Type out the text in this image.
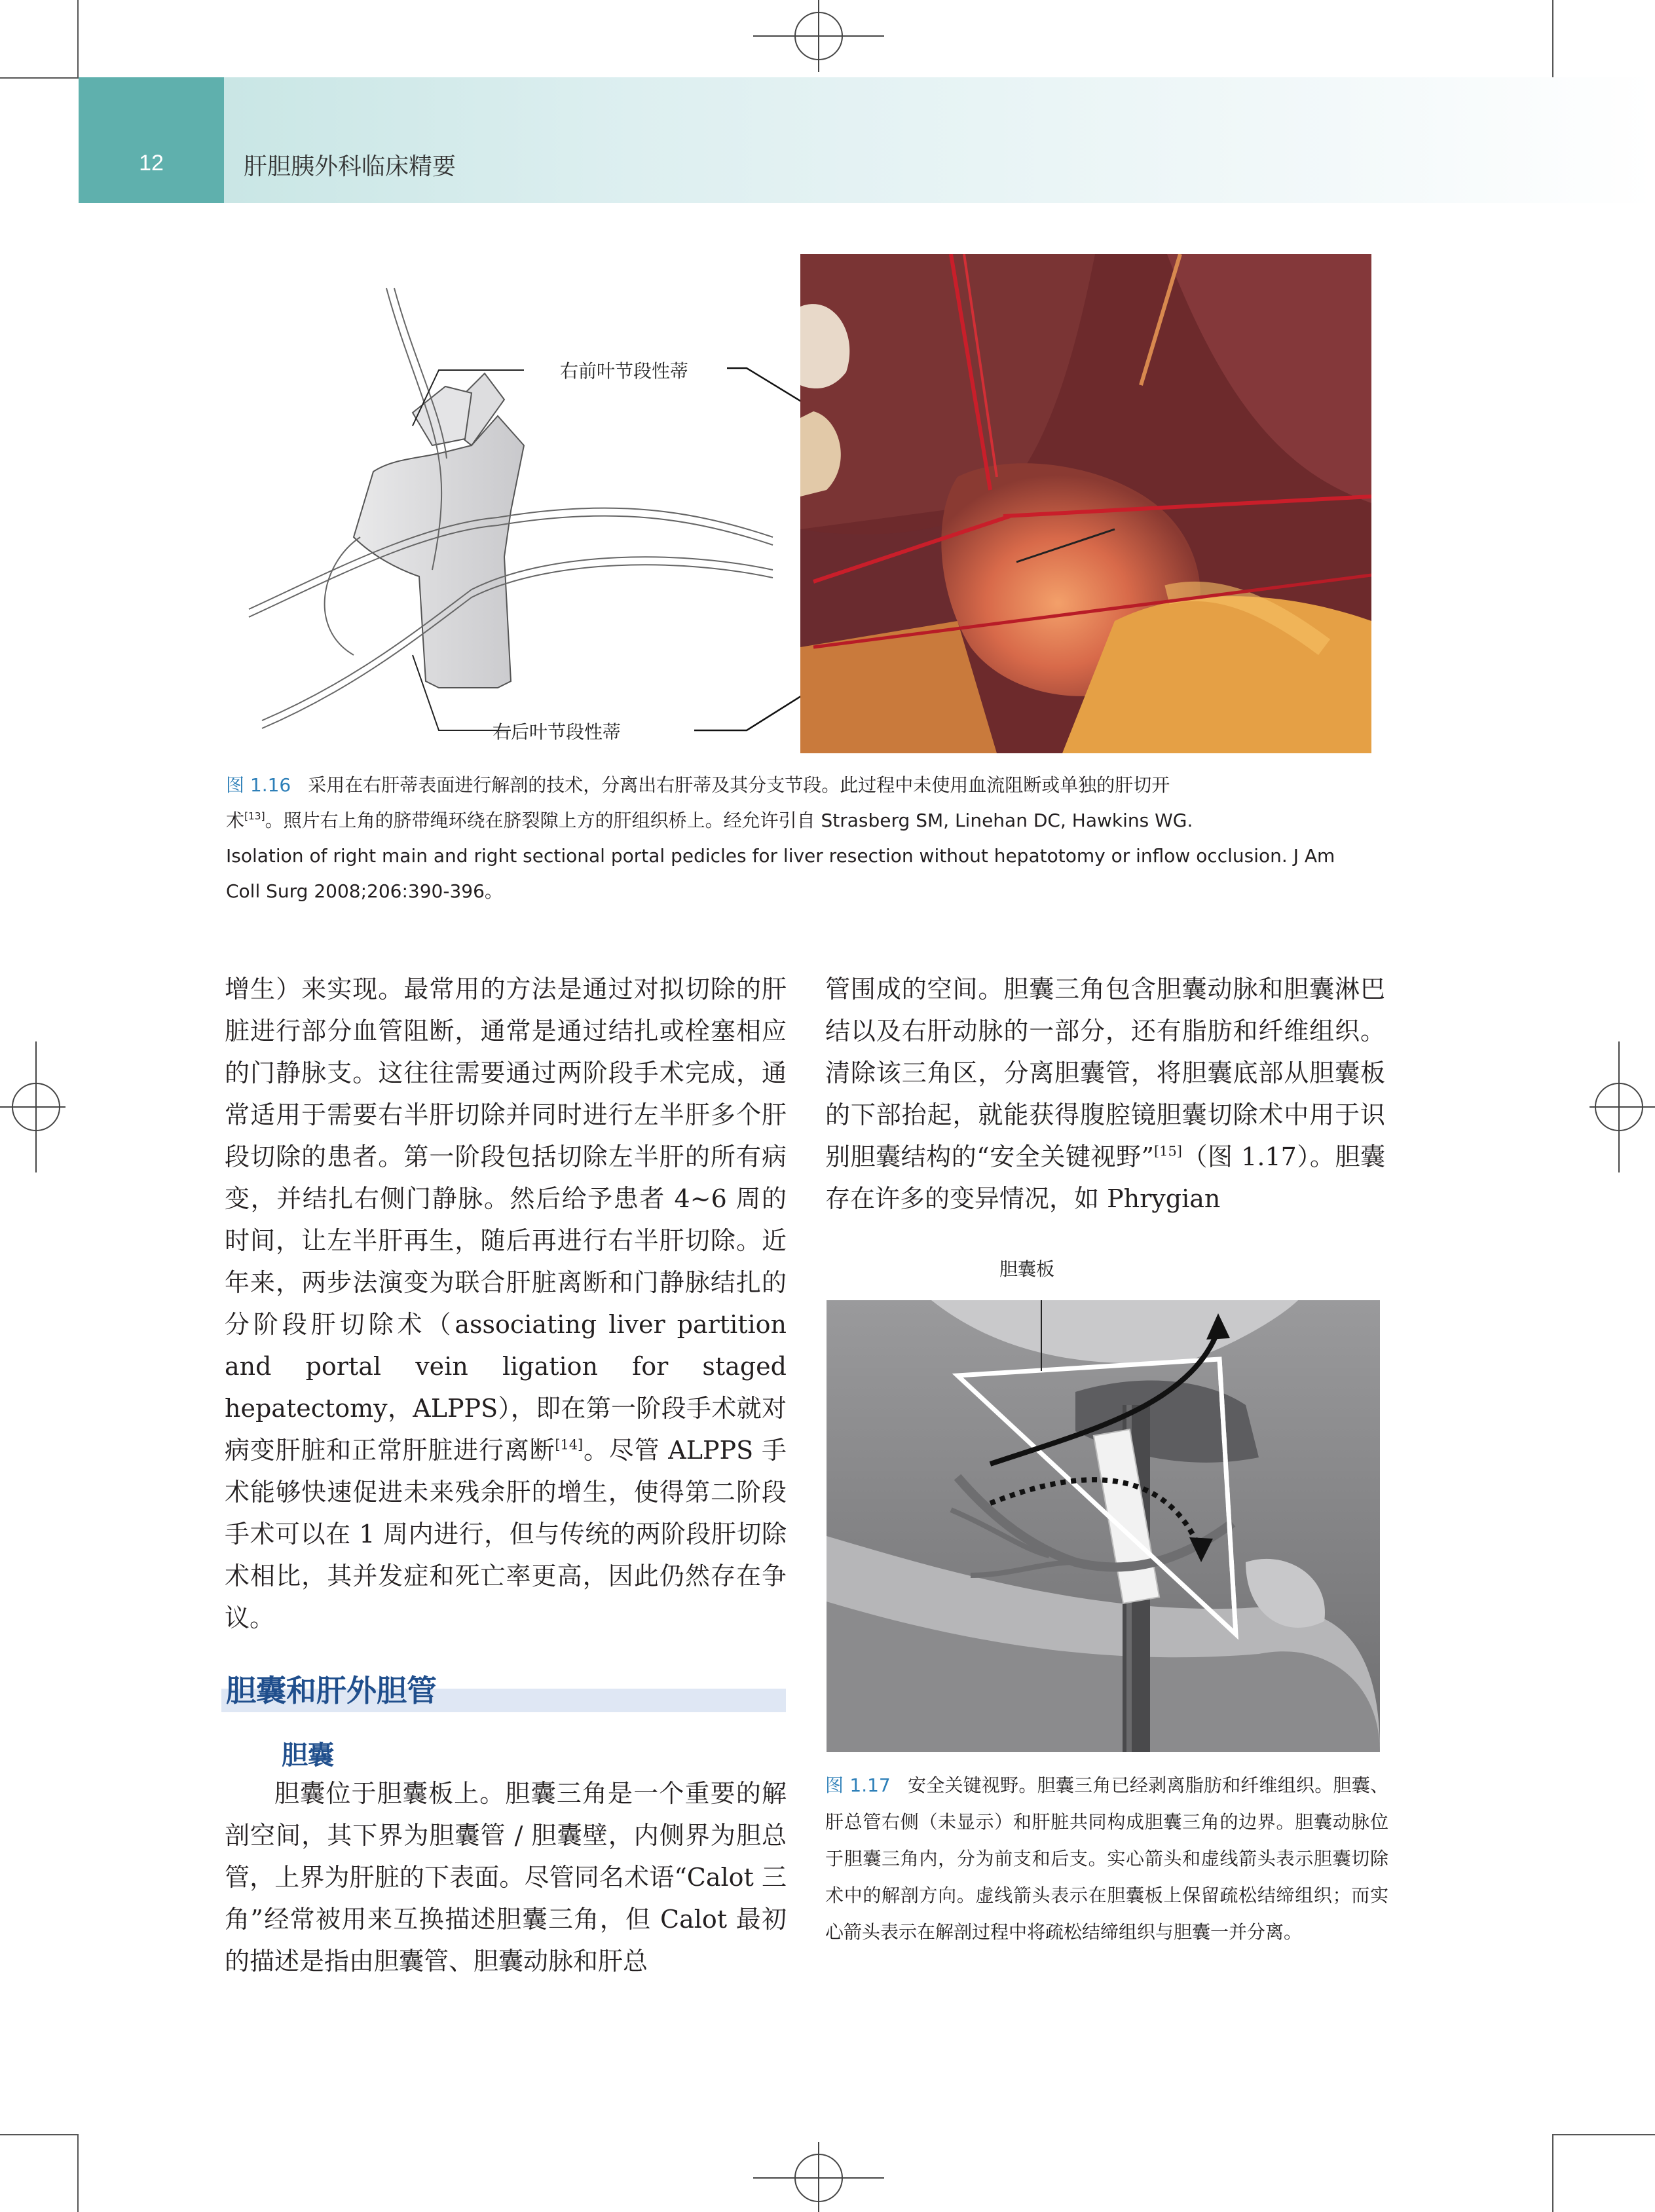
12	肝胆胰外科临床精要
右前叶节段性蒂
右后叶节段性蒂
图 1.16 采用在右肝蒂表面进行解剖的技术，分离出右肝蒂及其分支节段。此过程中未使用血流阻断或单独的肝切开
术[13]。照片右上角的脐带绳环绕在脐裂隙上方的肝组织桥上。经允许引自 Strasberg SM, Linehan DC, Hawkins WG.
Isolation of right main and right sectional portal pedicles for liver resection without hepatotomy or inflow occlusion. J Am
Coll Surg 2008;206:390-396。

增生）来实现。最常用的方法是通过对拟切除的肝脏进行部分血管阻断，通常是通过结扎或栓塞相应的门静脉支。这往往需要通过两阶段手术完成，通常适用于需要右半肝切除并同时进行左半肝多个肝段切除的患者。第一阶段包括切除左半肝的所有病变，并结扎右侧门静脉。然后给予患者 4~6 周的时间，让左半肝再生，随后再进行右半肝切除。近年来，两步法演变为联合肝脏离断和门静脉结扎的分阶段肝切除术（associating liver partition and portal vein ligation for staged hepatectomy，ALPPS），即在第一阶段手术就对病变肝脏和正常肝脏进行离断[14]。尽管 ALPPS 手术能够快速促进未来残余肝的增生，使得第二阶段手术可以在 1 周内进行，但与传统的两阶段肝切除术相比，其并发症和死亡率更高，因此仍然存在争议。

胆囊和肝外胆管
胆囊

胆囊位于胆囊板上。胆囊三角是一个重要的解剖空间，其下界为胆囊管 / 胆囊壁，内侧界为胆总管，上界为肝脏的下表面。尽管同名术语“Calot 三角”经常被用来互换描述胆囊三角，但 Calot 最初的描述是指由胆囊管、胆囊动脉和肝总

管围成的空间。胆囊三角包含胆囊动脉和胆囊淋巴结以及右肝动脉的一部分，还有脂肪和纤维组织。清除该三角区，分离胆囊管，将胆囊底部从胆囊板的下部抬起，就能获得腹腔镜胆囊切除术中用于识别胆囊结构的“安全关键视野”[15]（图 1.17）。胆囊存在许多的变异情况，如 Phrygian

胆囊板
图 1.17 安全关键视野。胆囊三角已经剥离脂肪和纤维组织。胆囊、肝总管右侧（未显示）和肝脏共同构成胆囊三角的边界。胆囊动脉位于胆囊三角内，分为前支和后支。实心箭头和虚线箭头表示胆囊切除术中的解剖方向。虚线箭头表示在胆囊板上保留疏松结缔组织；而实心箭头表示在解剖过程中将疏松结缔组织与胆囊一并分离。
